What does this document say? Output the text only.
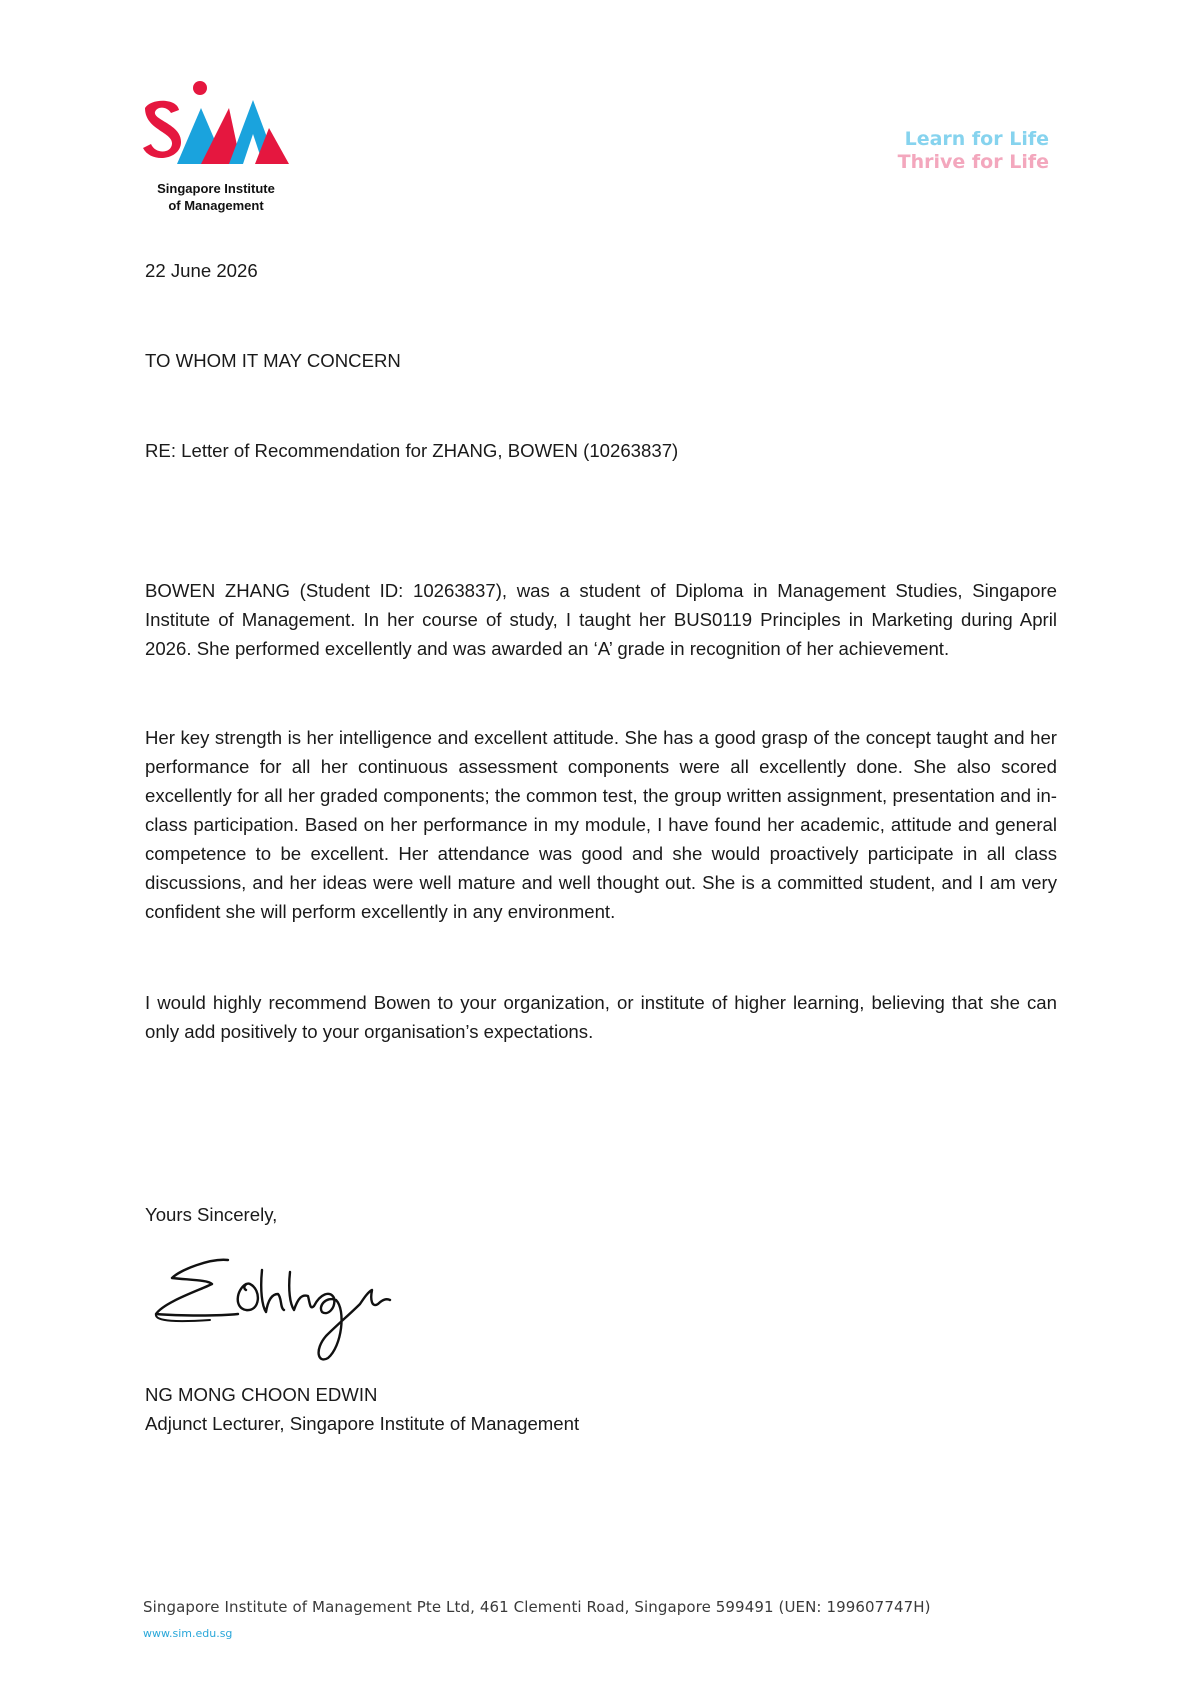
Singapore Institute
of Management
Learn for Life
Thrive for Life
22 June 2026
TO WHOM IT MAY CONCERN
RE: Letter of Recommendation for ZHANG, BOWEN (10263837)
BOWEN ZHANG (Student ID: 10263837), was a student of Diploma in Management Studies, Singapore Institute of Management. In her course of study, I taught her BUS0119 Principles in Marketing during April 2026. She performed excellently and was awarded an ‘A’ grade in recognition of her achievement.
Her key strength is her intelligence and excellent attitude. She has a good grasp of the concept taught and her performance for all her continuous assessment components were all excellently done. She also scored excellently for all her graded components; the common test, the group written assignment, presentation and in-class participation. Based on her performance in my module, I have found her academic, attitude and general competence to be excellent. Her attendance was good and she would proactively participate in all class discussions, and her ideas were well mature and well thought out. She is a committed student, and I am very confident she will perform excellently in any environment.
I would highly recommend Bowen to your organization, or institute of higher learning, believing that she can only add positively to your organisation’s expectations.
Yours Sincerely,
NG MONG CHOON EDWIN
Adjunct Lecturer, Singapore Institute of Management
Singapore Institute of Management Pte Ltd, 461 Clementi Road, Singapore 599491 (UEN: 199607747H)
www.sim.edu.sg
